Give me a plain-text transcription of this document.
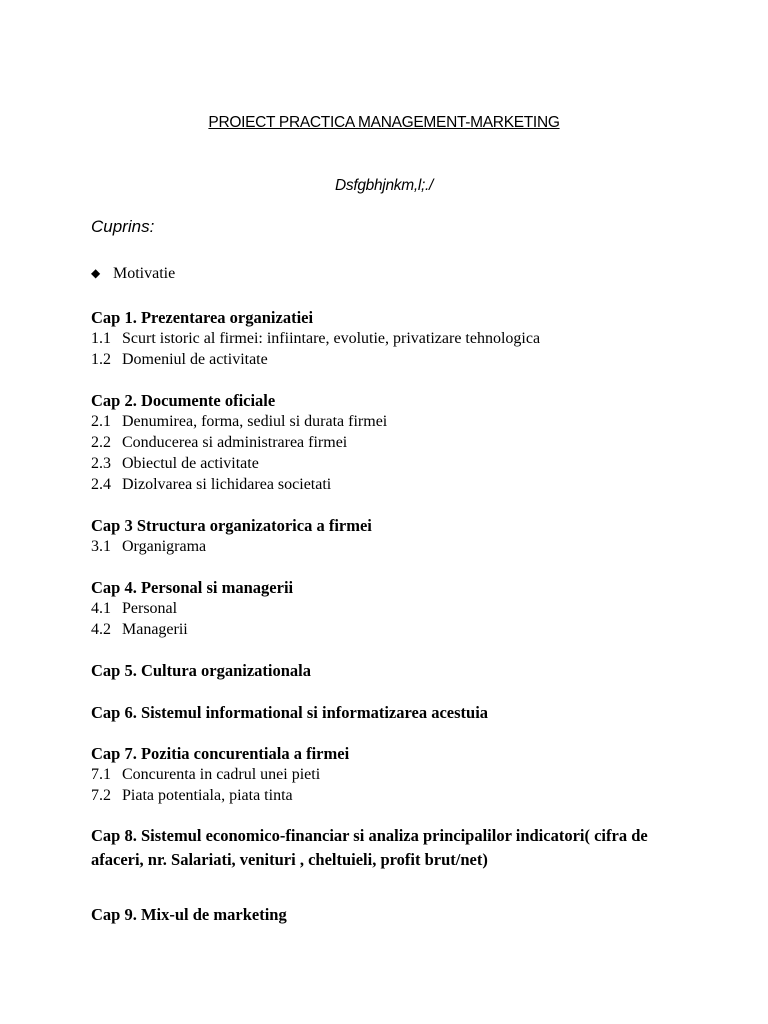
PROIECT PRACTICA MANAGEMENT-MARKETING
Dsfgbhjnkm,l;./
Cuprins:
◆ Motivatie
Cap 1. Prezentarea organizatiei
1.1 Scurt istoric al firmei: infiintare, evolutie, privatizare tehnologica
1.2 Domeniul de activitate
Cap 2. Documente oficiale
2.1 Denumirea, forma, sediul si durata firmei
2.2 Conducerea si administrarea firmei
2.3 Obiectul de activitate
2.4 Dizolvarea si lichidarea societati
Cap 3 Structura organizatorica a firmei
3.1 Organigrama
Cap 4. Personal si managerii
4.1 Personal
4.2 Managerii
Cap 5. Cultura organizationala
Cap 6. Sistemul informational si informatizarea acestuia
Cap 7. Pozitia concurentiala a firmei
7.1 Concurenta in cadrul unei pieti
7.2 Piata potentiala, piata tinta
Cap 8. Sistemul economico-financiar si analiza principalilor indicatori( cifra de afaceri, nr. Salariati, venituri , cheltuieli, profit brut/net)
Cap 9. Mix-ul de marketing
